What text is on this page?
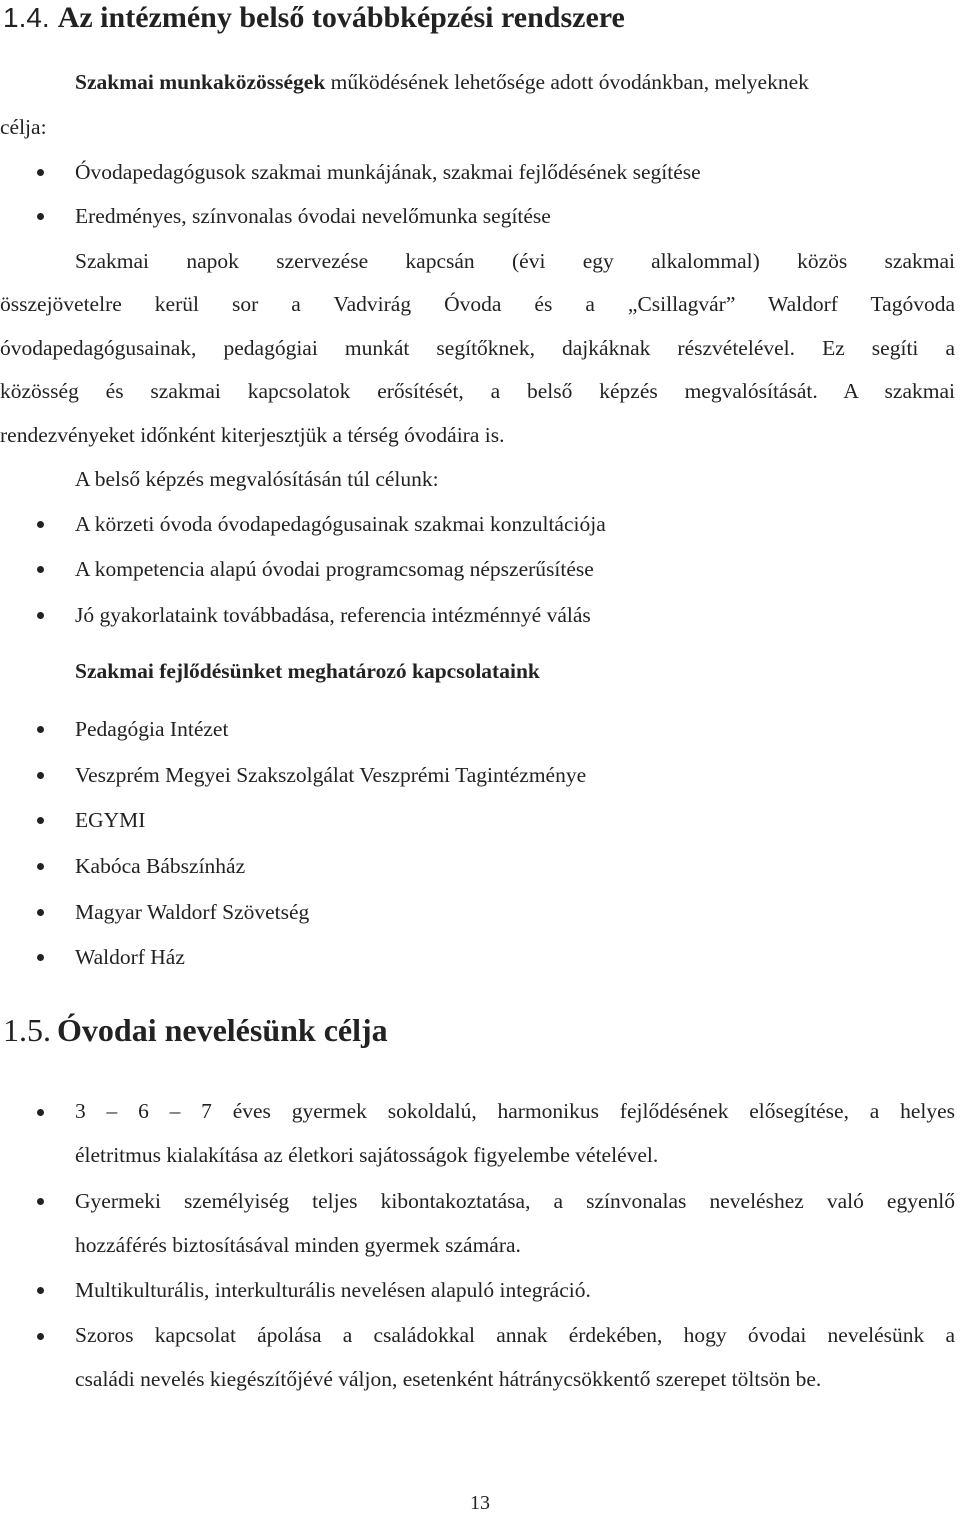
1.4. Az intézmény belső továbbképzési rendszere
Szakmai munkaközösségek működésének lehetősége adott óvodánkban, melyeknek
célja:
Óvodapedagógusok szakmai munkájának, szakmai fejlődésének segítése
Eredményes, színvonalas óvodai nevelőmunka segítése
Szakmai napok szervezése kapcsán (évi egy alkalommal) közös szakmai
összejövetelre kerül sor a Vadvirág Óvoda és a „Csillagvár” Waldorf Tagóvoda
óvodapedagógusainak, pedagógiai munkát segítőknek, dajkáknak részvételével. Ez segíti a
közösség és szakmai kapcsolatok erősítését, a belső képzés megvalósítását. A szakmai
rendezvényeket időnként kiterjesztjük a térség óvodáira is.
A belső képzés megvalósításán túl célunk:
A körzeti óvoda óvodapedagógusainak szakmai konzultációja
A kompetencia alapú óvodai programcsomag népszerűsítése
Jó gyakorlataink továbbadása, referencia intézménnyé válás
Szakmai fejlődésünket meghatározó kapcsolataink
Pedagógia Intézet
Veszprém Megyei Szakszolgálat Veszprémi Tagintézménye
EGYMI
Kabóca Bábszínház
Magyar Waldorf Szövetség
Waldorf Ház
1.5. Óvodai nevelésünk célja
3 – 6 – 7 éves gyermek sokoldalú, harmonikus fejlődésének elősegítése, a helyes
életritmus kialakítása az életkori sajátosságok figyelembe vételével.
Gyermeki személyiség teljes kibontakoztatása, a színvonalas neveléshez való egyenlő
hozzáférés biztosításával minden gyermek számára.
Multikulturális, interkulturális nevelésen alapuló integráció.
Szoros kapcsolat ápolása a családokkal annak érdekében, hogy óvodai nevelésünk a
családi nevelés kiegészítőjévé váljon, esetenként hátránycsökkentő szerepet töltsön be.
13
